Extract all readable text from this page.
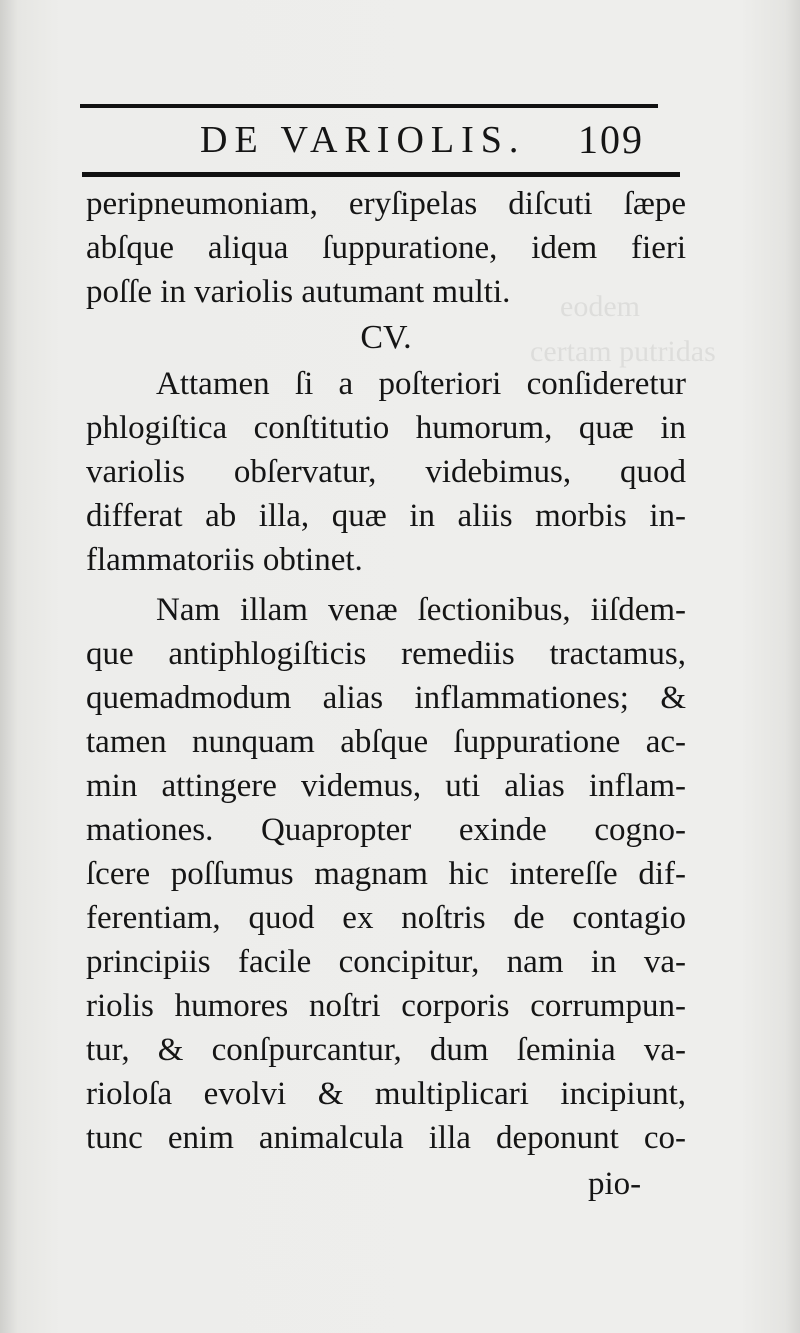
eodem
certam putridas
DE VARIOLIS. 109
peripneumoniam, eryſipelas diſcuti ſæpe
abſque aliqua ſuppuratione, idem fieri
poſſe in variolis autumant multi.
CV.
Attamen ſi a poſteriori conſideretur
phlogiſtica conſtitutio humorum, quæ in
variolis obſervatur, videbimus, quod
differat ab illa, quæ in aliis morbis in-
flammatoriis obtinet.
Nam illam venæ ſectionibus, iiſdem-
que antiphlogiſticis remediis tractamus,
quemadmodum alias inflammationes; &
tamen nunquam abſque ſuppuratione ac-
min attingere videmus, uti alias inflam-
mationes. Quapropter exinde cogno-
ſcere poſſumus magnam hic intereſſe dif-
ferentiam, quod ex noſtris de contagio
principiis facile concipitur, nam in va-
riolis humores noſtri corporis corrumpun-
tur, & conſpurcantur, dum ſeminia va-
rioloſa evolvi & multiplicari incipiunt,
tunc enim animalcula illa deponunt co-
pio-
